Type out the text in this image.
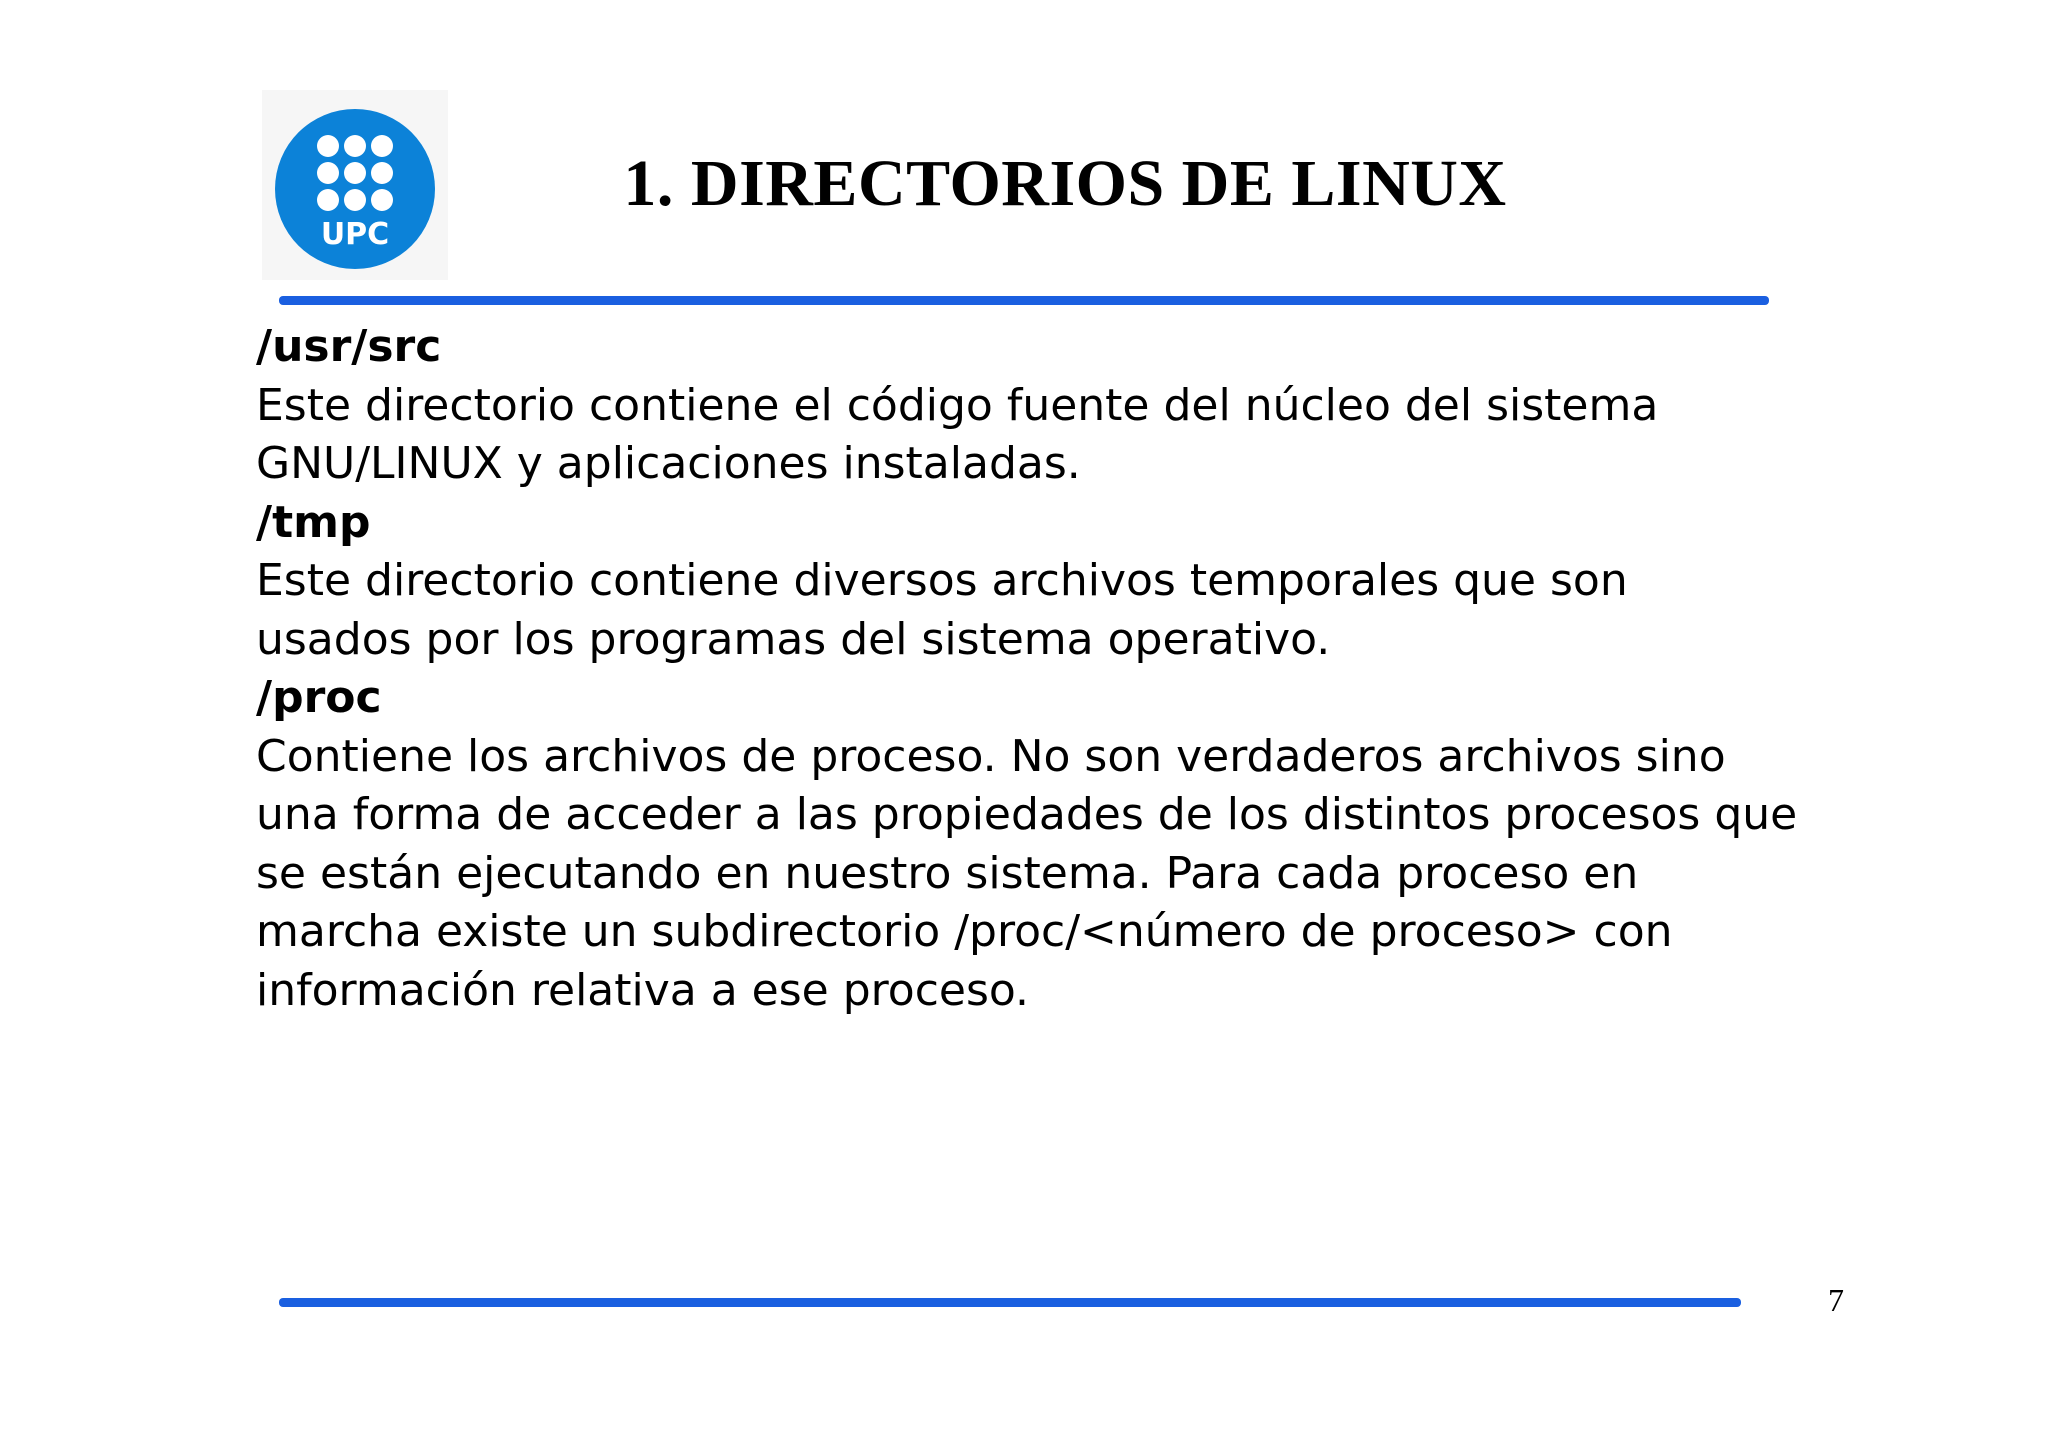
UPC
1. DIRECTORIOS DE LINUX
/usr/src
Este directorio contiene el código fuente del núcleo del sistema
GNU/LINUX y aplicaciones instaladas.
/tmp
Este directorio contiene diversos archivos temporales que son
usados por los programas del sistema operativo.
/proc
Contiene los archivos de proceso. No son verdaderos archivos sino
una forma de acceder a las propiedades de los distintos procesos que
se están ejecutando en nuestro sistema. Para cada proceso en
marcha existe un subdirectorio /proc/<número de proceso> con
información relativa a ese proceso.
7
